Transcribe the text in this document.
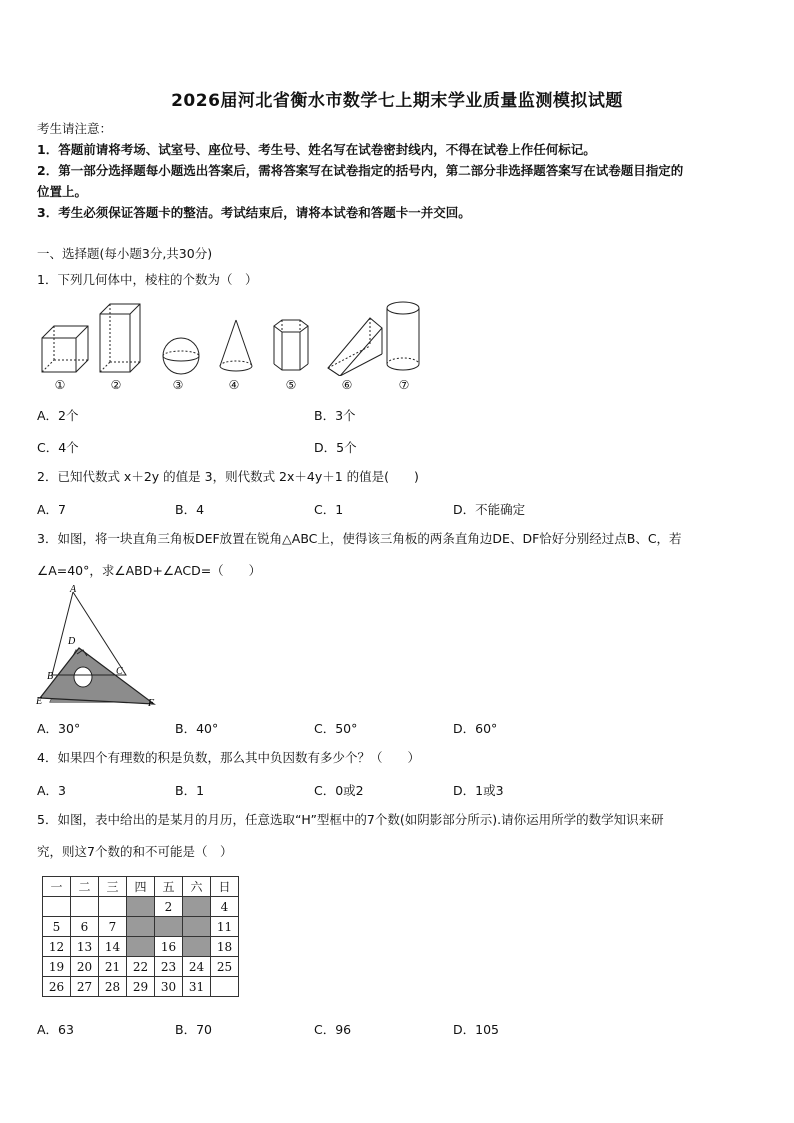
2026届河北省衡水市数学七上期末学业质量监测模拟试题
考生请注意：
1．答题前请将考场、试室号、座位号、考生号、姓名写在试卷密封线内，不得在试卷上作任何标记。
2．第一部分选择题每小题选出答案后，需将答案写在试卷指定的括号内，第二部分非选择题答案写在试卷题目指定的
位置上。
3．考生必须保证答题卡的整洁。考试结束后，请将本试卷和答题卡一并交回。
一、选择题(每小题3分,共30分)
1．下列几何体中，棱柱的个数为（　）
①	②	③	④	⑤	⑥	⑦
A．2个	B．3个
C．4个	D．5个
2．已知代数式 x＋2y 的值是 3，则代数式 2x＋4y＋1 的值是(　　)
A．7	B．4	C．1	D．不能确定
3．如图，将一块直角三角板DEF放置在锐角△ABC上，使得该三角板的两条直角边DE、DF恰好分别经过点B、C，若
∠A=40°，求∠ABD+∠ACD=（　　）
A
D
B	C
E	F
A．30°	B．40°	C．50°	D．60°
4．如果四个有理数的积是负数，那么其中负因数有多少个？（　　）
A．3	B．1	C．0或2	D．1或3
5．如图，表中给出的是某月的月历，任意选取“H”型框中的7个数(如阴影部分所示).请你运用所学的数学知识来研
究，则这7个数的和不可能是（　）
一	二	三	四	五	六	日
				2		4
5	6	7				11
12	13	14		16		18
19	20	21	22	23	24	25
26	27	28	29	30	31	
A．63	B．70	C．96	D．105
